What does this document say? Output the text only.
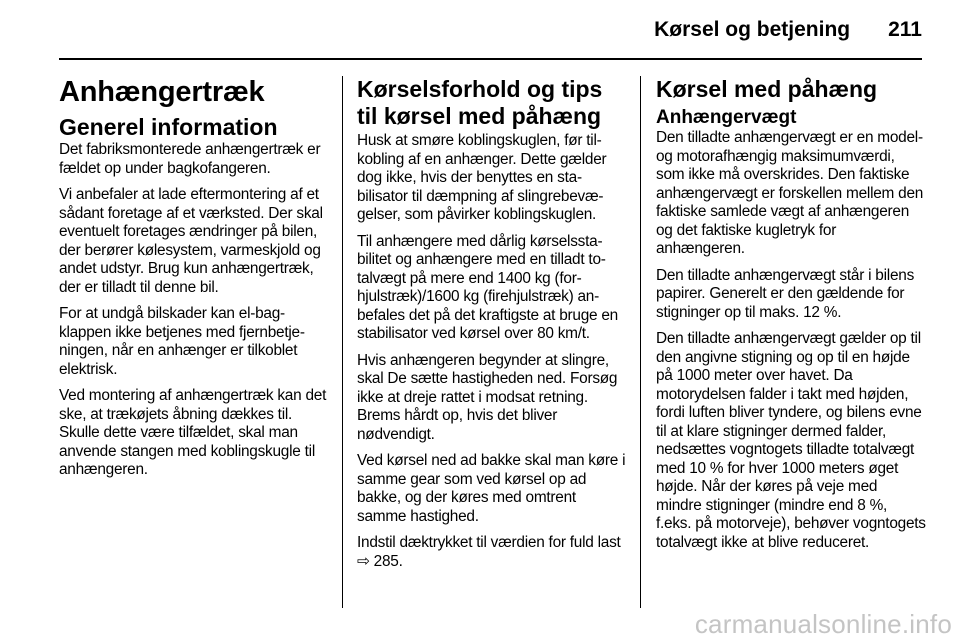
Kørsel og betjening 211
Anhængertræk
Generel information

Det fabriksmonterede anhængertræk er fældet op under bagkofangeren.

Vi anbefaler at lade eftermontering af et sådant foretage af et værksted. Der skal eventuelt foretages ændringer på bilen, der berører kølesystem, varmeskjold og andet udstyr. Brug kun anhængertræk, der er tilladt til denne bil.

For at undgå bilskader kan el-bagklappen ikke betjenes med fjernbetjeningen, når en anhænger er tilkoblet elektrisk.

Ved montering af anhængertræk kan det ske, at trækøjets åbning dækkes til. Skulle dette være tilfældet, skal man anvende stangen med koblingskugle til anhængeren.

Kørselsforhold og tips til kørsel med påhæng

Husk at smøre koblingskuglen, før tilkobling af en anhænger. Dette gælder dog ikke, hvis der benyttes en stabilisator til dæmpning af slingrebevægelser, som påvirker koblingskuglen.

Til anhængere med dårlig kørselsstabilitet og anhængere med en tilladt totalvægt på mere end 1400 kg (forhjulstræk)/1600 kg (firehjulstræk) anbefales det på det kraftigste at bruge en stabilisator ved kørsel over 80 km/t.

Hvis anhængeren begynder at slingre, skal De sætte hastigheden ned. Forsøg ikke at dreje rattet i modsat retning. Brems hårdt op, hvis det bliver nødvendigt.

Ved kørsel ned ad bakke skal man køre i samme gear som ved kørsel op ad bakke, og der køres med omtrent samme hastighed.

Indstil dæktrykket til værdien for fuld last ⇨ 285.

Kørsel med påhæng
Anhængervægt

Den tilladte anhængervægt er en model- og motorafhængig maksimumværdi, som ikke må overskrides. Den faktiske anhængervægt er forskellen mellem den faktiske samlede vægt af anhængeren og det faktiske kugletryk for anhængeren.

Den tilladte anhængervægt står i bilens papirer. Generelt er den gældende for stigninger op til maks. 12 %.

Den tilladte anhængervægt gælder op til den angivne stigning og op til en højde på 1000 meter over havet. Da motorydelsen falder i takt med højden, fordi luften bliver tyndere, og bilens evne til at klare stigninger dermed falder, nedsættes vogntogets tilladte totalvægt med 10 % for hver 1000 meters øget højde. Når der køres på veje med mindre stigninger (mindre end 8 %, f.eks. på motorveje), behøver vogntogets totalvægt ikke at blive reduceret.

carmanualsonline.info
